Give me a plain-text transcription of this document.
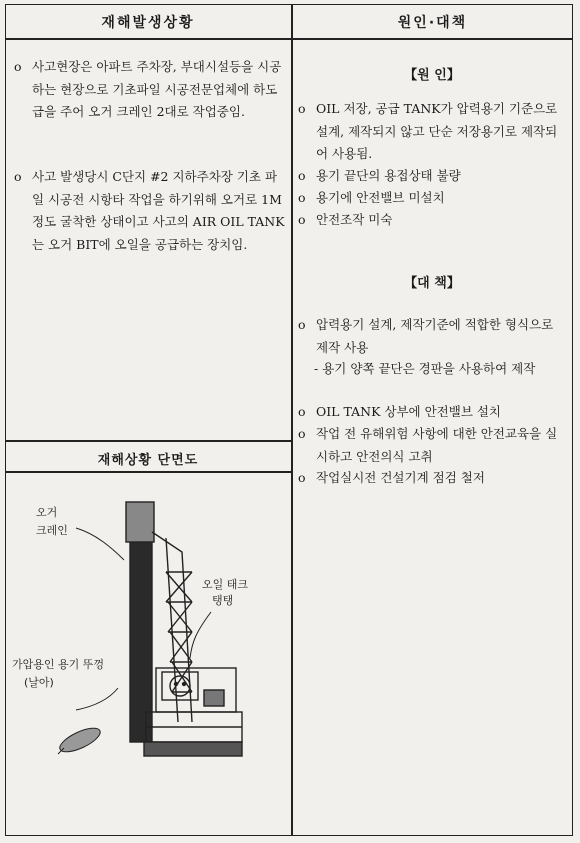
재해발생상황	원인·대책
o 사고현장은 아파트 주차장, 부대시설등을 시공하는 현장으로 기초파일 시공전문업체에 하도급을 주어 오거 크레인 2대로 작업중임.
o 사고 발생당시 C단지 #2 지하주차장 기초 파일 시공전 시항타 작업을 하기위해 오거로 1M 정도 굴착한 상태이고 사고의 AIR OIL TANK는 오거 BIT에 오일을 공급하는 장치임.
재해상황 단면도
【원 인】
o OIL 저장, 공급 TANK가 압력용기 기준으로 설계, 제작되지 않고 단순 저장용기로 제작되어 사용됨.
o 용기 끝단의 용접상태 불량
o 용기에 안전밸브 미설치
o 안전조작 미숙
【대 책】
o 압력용기 설계, 제작기준에 적합한 형식으로 제작 사용
- 용기 양쪽 끝단은 경판을 사용하여 제작
o OIL TANK 상부에 안전밸브 설치
o 작업 전 유해위험 사항에 대한 안전교육을 실시하고 안전의식 고취
o 작업실시전 건설기계 점검 철저
오거
크레인
오일 태크
탱탱
가압용인 용기 뚜껑
(날아)
